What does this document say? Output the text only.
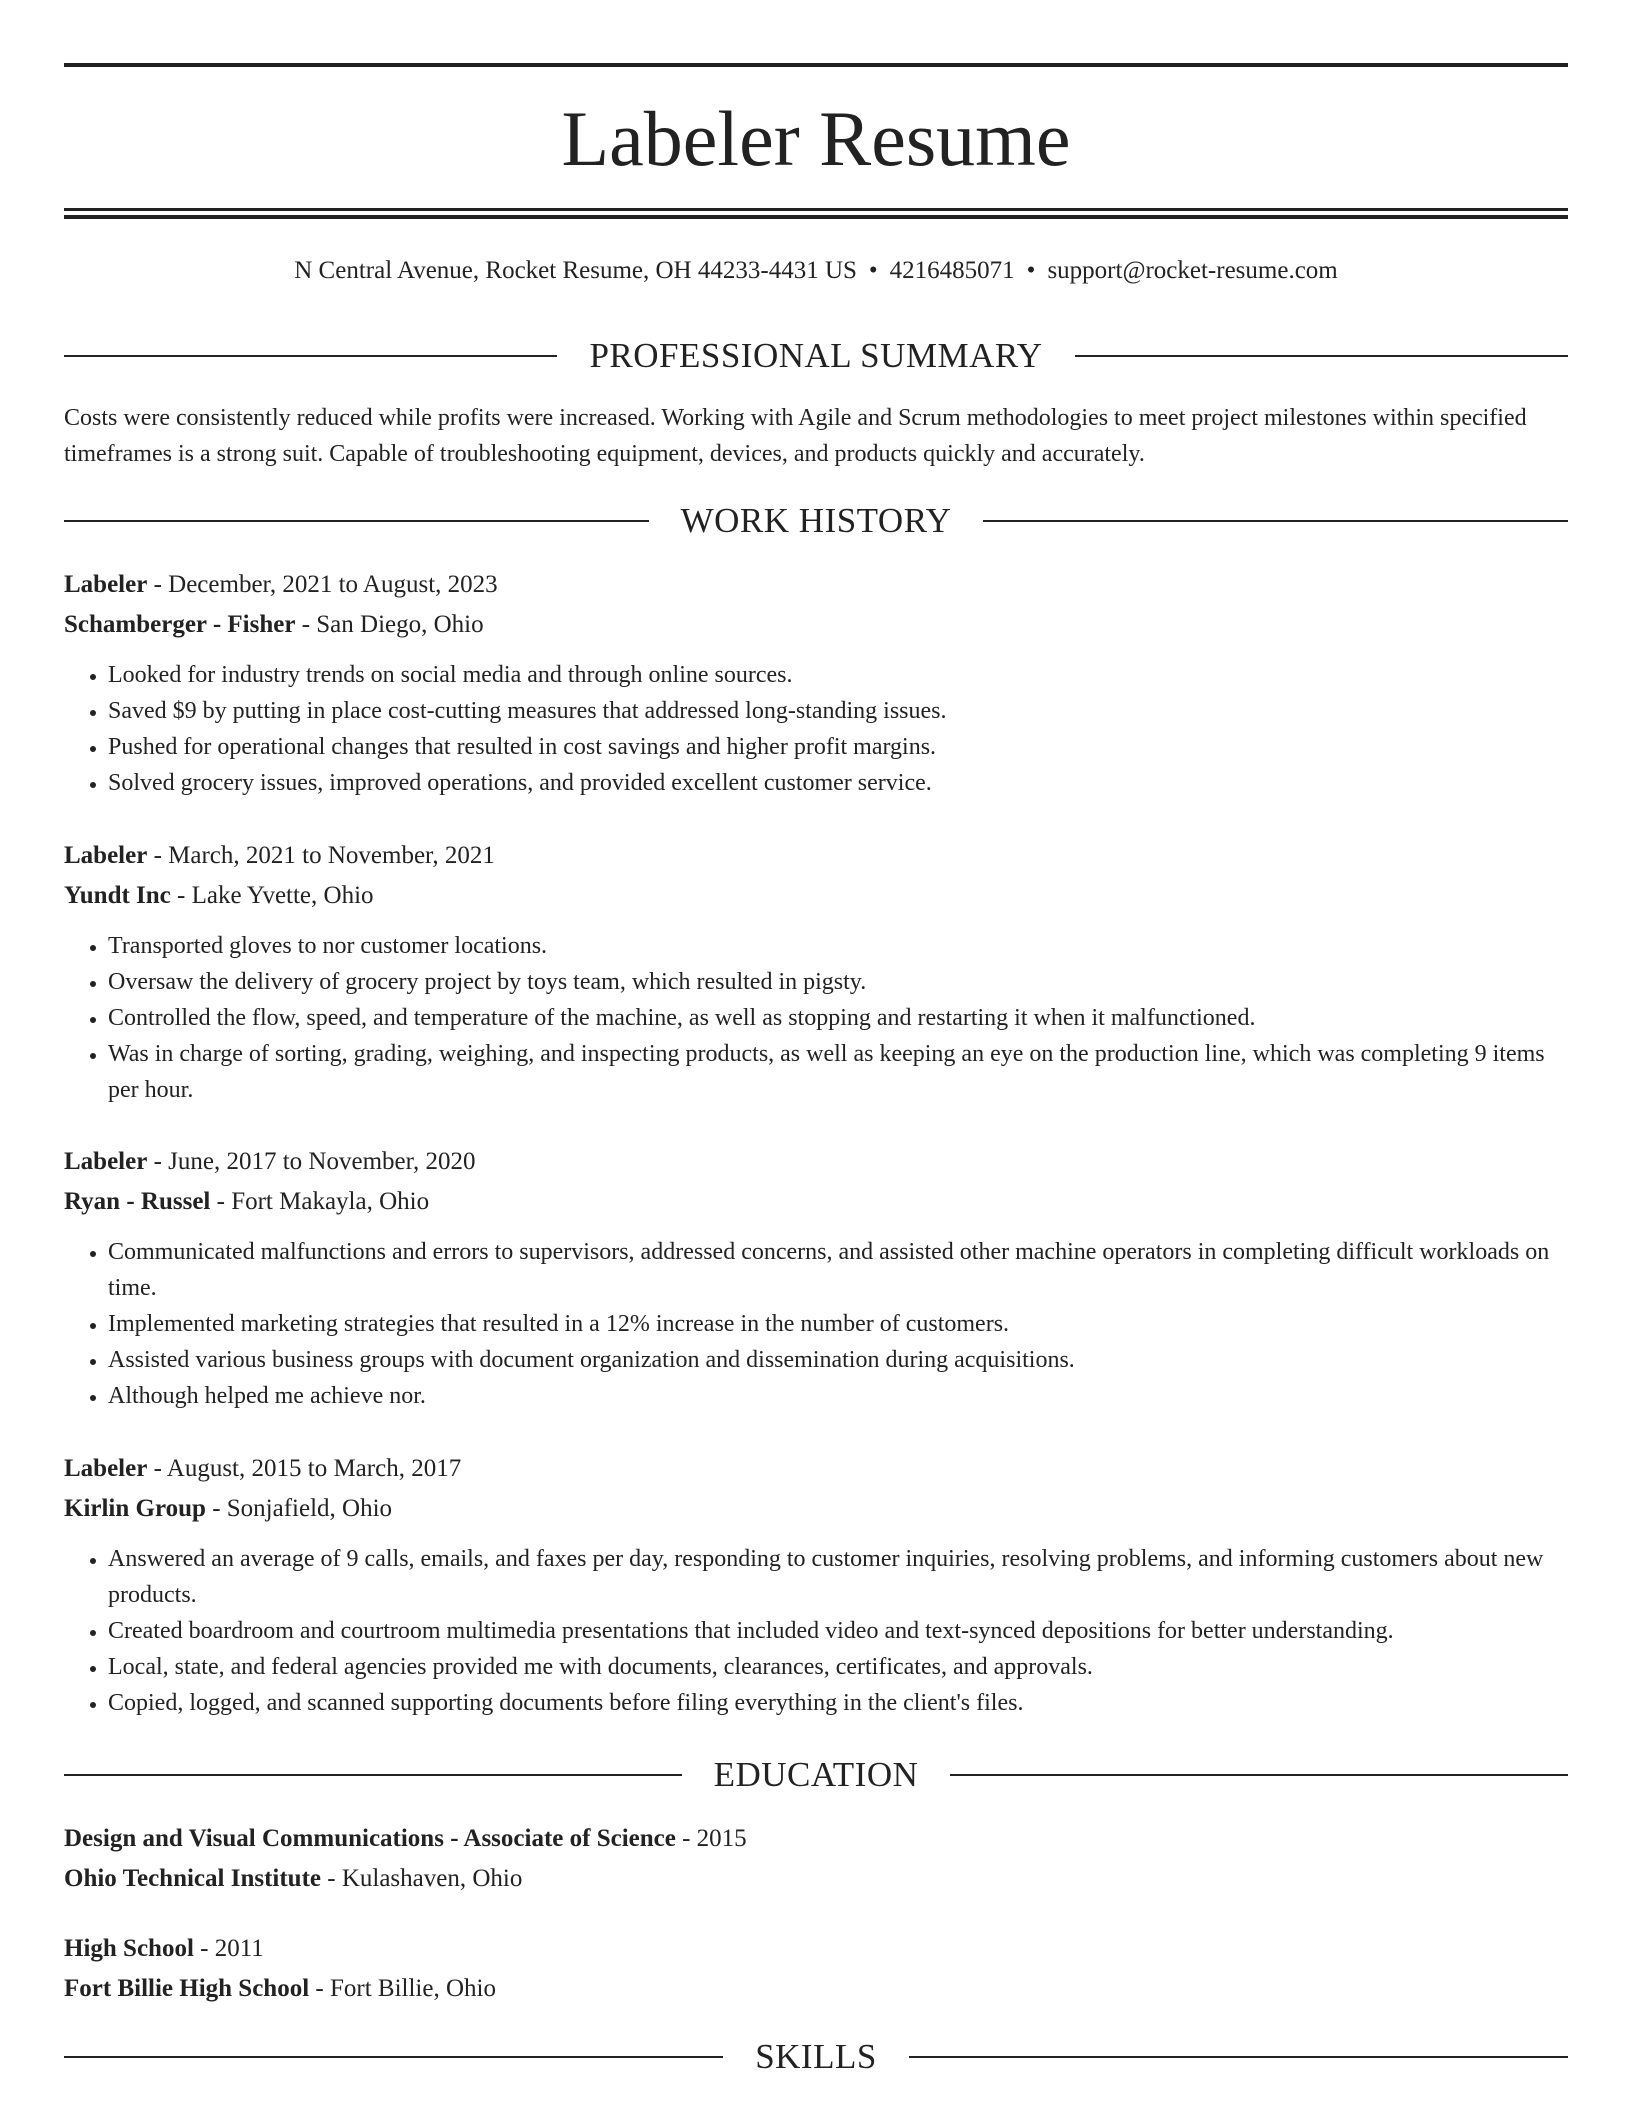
Labeler Resume
N Central Avenue, Rocket Resume, OH 44233-4431 US • 4216485071 • support@rocket-resume.com
PROFESSIONAL SUMMARY
Costs were consistently reduced while profits were increased. Working with Agile and Scrum methodologies to meet project milestones within specified timeframes is a strong suit. Capable of troubleshooting equipment, devices, and products quickly and accurately.
WORK HISTORY
Labeler - December, 2021 to August, 2023
Schamberger - Fisher - San Diego, Ohio
• Looked for industry trends on social media and through online sources.
• Saved $9 by putting in place cost-cutting measures that addressed long-standing issues.
• Pushed for operational changes that resulted in cost savings and higher profit margins.
• Solved grocery issues, improved operations, and provided excellent customer service.
Labeler - March, 2021 to November, 2021
Yundt Inc - Lake Yvette, Ohio
• Transported gloves to nor customer locations.
• Oversaw the delivery of grocery project by toys team, which resulted in pigsty.
• Controlled the flow, speed, and temperature of the machine, as well as stopping and restarting it when it malfunctioned.
• Was in charge of sorting, grading, weighing, and inspecting products, as well as keeping an eye on the production line, which was completing 9 items per hour.
Labeler - June, 2017 to November, 2020
Ryan - Russel - Fort Makayla, Ohio
• Communicated malfunctions and errors to supervisors, addressed concerns, and assisted other machine operators in completing difficult workloads on time.
• Implemented marketing strategies that resulted in a 12% increase in the number of customers.
• Assisted various business groups with document organization and dissemination during acquisitions.
• Although helped me achieve nor.
Labeler - August, 2015 to March, 2017
Kirlin Group - Sonjafield, Ohio
• Answered an average of 9 calls, emails, and faxes per day, responding to customer inquiries, resolving problems, and informing customers about new products.
• Created boardroom and courtroom multimedia presentations that included video and text-synced depositions for better understanding.
• Local, state, and federal agencies provided me with documents, clearances, certificates, and approvals.
• Copied, logged, and scanned supporting documents before filing everything in the client's files.
EDUCATION
Design and Visual Communications - Associate of Science - 2015
Ohio Technical Institute - Kulashaven, Ohio
High School - 2011
Fort Billie High School - Fort Billie, Ohio
SKILLS
